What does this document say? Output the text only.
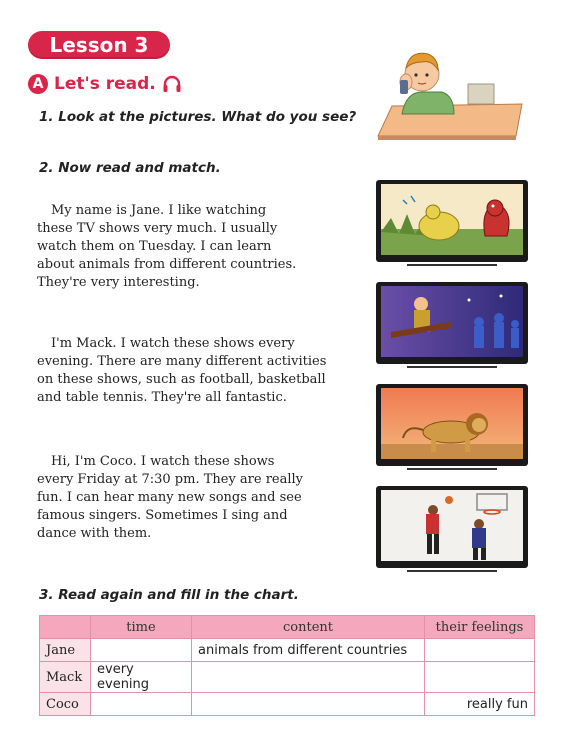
Lesson 3
A Let's read.
1. Look at the pictures. What do you see?
2. Now read and match.
My name is Jane. I like watching
these TV shows very much. I usually
watch them on Tuesday. I can learn
about animals from different countries.
They're very interesting.
I'm Mack. I watch these shows every
evening. There are many different activities
on these shows, such as football, basketball
and table tennis. They're all fantastic.
Hi, I'm Coco. I watch these shows
every Friday at 7:30 pm. They are really
fun. I can hear many new songs and see
famous singers. Sometimes I sing and
dance with them.
3. Read again and fill in the chart.
	time	content	their feelings
Jane		animals from different countries	
Mack	every evening		
Coco			really fun
